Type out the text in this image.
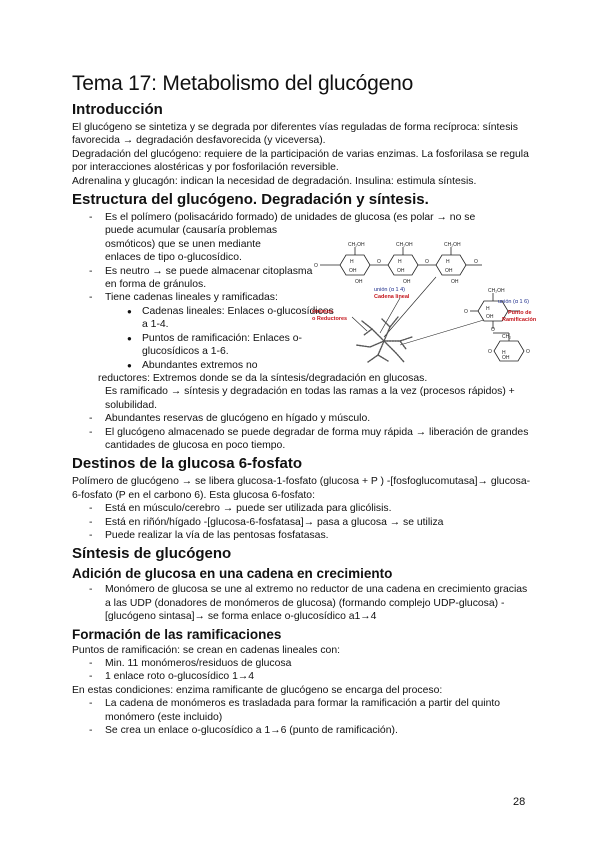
Tema 17: Metabolismo del glucógeno
Introducción

El glucógeno se sintetiza y se degrada por diferentes vías reguladas de forma recíproca: síntesis favorecida → degradación desfavorecida (y viceversa).

Degradación del glucógeno: requiere de la participación de varias enzimas. La fosforilasa se regula por interacciones alostéricas y por fosforilación reversible.

Adrenalina y glucagón: indican la necesidad de degradación. Insulina: estimula síntesis.

Estructura del glucógeno. Degradación y síntesis.
- Es el polímero (polisacárido formado) de unidades de glucosa (es polar → no se
puede acumular (causaría problemas
osmóticos) que se unen mediante
enlaces de tipo o-glucosídico.
- Es neutro → se puede almacenar citoplasma en forma de gránulos.
- Tiene cadenas lineales y ramificadas:
● Cadenas lineales: Enlaces o-glucosídicos a 1-4.
● Puntos de ramificación: Enlaces o-glucosídicos a 1-6.
● Abundantes extremos no
reductores: Extremos donde se da la síntesis/degradación en glucosas.
Es ramificado → síntesis y degradación en todas las ramas a la vez (procesos rápidos) + solubilidad.
- Abundantes reservas de glucógeno en hígado y músculo.
- El glucógeno almacenado se puede degradar de forma muy rápida → liberación de grandes cantidades de glucosa en poco tiempo.
Destinos de la glucosa 6-fosfato

Polímero de glucógeno → se libera glucosa-1-fosfato (glucosa + P ) -[fosfoglucomutasa]→ glucosa-6-fosfato (P en el carbono 6). Esta glucosa 6-fosfato:

- Está en músculo/cerebro → puede ser utilizada para glicólisis.
- Está en riñón/hígado -[glucosa-6-fosfatasa]→ pasa a glucosa → se utiliza
- Puede realizar la vía de las pentosas fosfatasas.
Síntesis de glucógeno
Adición de glucosa en una cadena en crecimiento
- Monómero de glucosa se une al extremo no reductor de una cadena en crecimiento gracias a las UDP (donadores de monómeros de glucosa) (formando complejo UDP-glucosa) -[glucógeno sintasa]→ se forma enlace o-glucosídico a1→4
Formación de las ramificaciones

Puntos de ramificación: se crean en cadenas lineales con:

- Min. 11 monómeros/residuos de glucosa
- 1 enlace roto o-glucosídico 1→4

En estas condiciones: enzima ramificante de glucógeno se encarga del proceso:

- La cadena de monómeros es trasladada para formar la ramificación a partir del quinto monómero (este incluido)
- Se crea un enlace o-glucosídico a 1→6 (punto de ramificación).
CH₂OH	CH₂OH	CH₂OH
H	H	H
OH	OH	OH
O
O	O	O
OH	OH	OH
unión (α 1 4)
Cadena lineal
xtremos
o Reductores
CH₂OH
H
OH
O
O
CH₂
H
OH
O	O
unión (α 1 6)
Punto de
Ramificación
28
